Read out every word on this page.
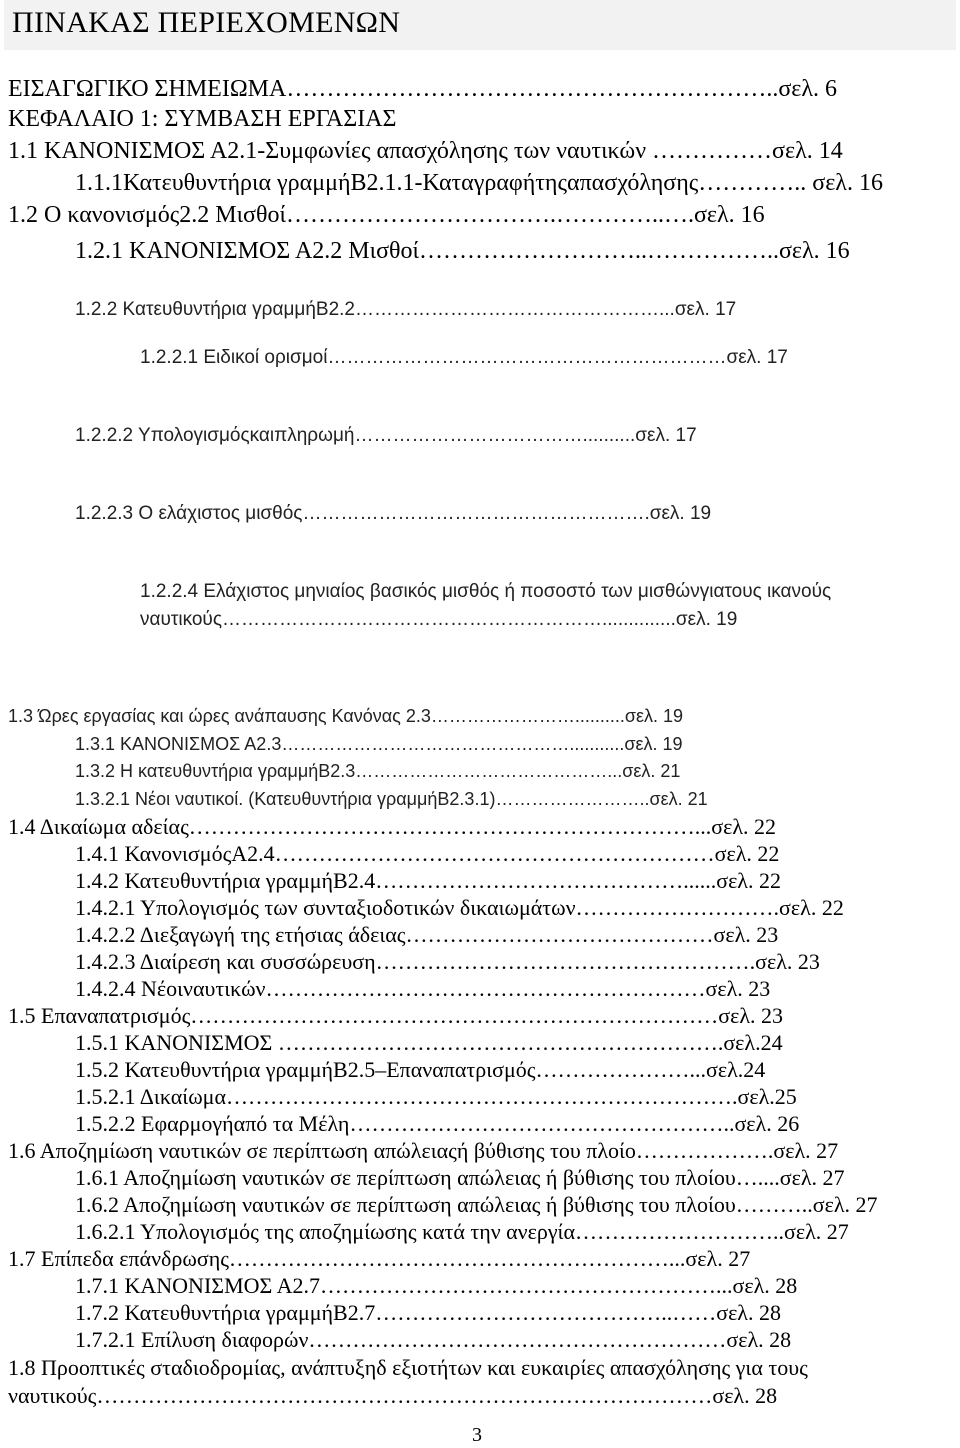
ΠΙΝΑΚΑΣ ΠΕΡΙΕΧΟΜΕΝΩΝ
ΕΙΣΑΓΩΓΙΚΟ ΣΗΜΕΙΩΜΑ……………………………………………………..σελ. 6
ΚΕΦΑΛΑΙΟ 1: ΣΥΜΒΑΣΗ ΕΡΓΑΣΙΑΣ
1.1 ΚΑΝΟΝΙΣΜΟΣ Α2.1-Συμφωνίες απασχόλησης των ναυτικών ……………σελ. 14
1.1.1Κατευθυντήρια γραμμήΒ2.1.1-Καταγραφήτηςαπασχόλησης………….. σελ. 16
1.2 Ο κανονισμός2.2 Μισθοί…………………………….…………..….σελ. 16
1.2.1 ΚΑΝΟΝΙΣΜΟΣ Α2.2 Μισθοί………………………..……………..σελ. 16
1.2.2 Κατευθυντήρια γραμμήΒ2.2…………………………………………...σελ. 17
1.2.2.1 Ειδικοί ορισμοί………………………………………………………σελ. 17
1.2.2.2 Υπολογισμόςκαιπληρωμή………………………………..........σελ. 17
1.2.2.3 Ο ελάχιστος μισθός……………………………………………….σελ. 19
1.2.2.4 Ελάχιστος μηνιαίος βασικός μισθός ή ποσοστό των μισθώνγιατους ικανούς
ναυτικούς……………………………………………………..............σελ. 19
1.3 Ώρες εργασίας και ώρες ανάπαυσης Κανόνας 2.3……………………..........σελ. 19
1.3.1 ΚΑΝΟΝΙΣΜΟΣ Α2.3…………………………………………...........σελ. 19
1.3.2 Η κατευθυντήρια γραμμήΒ2.3……………………………………...σελ. 21
1.3.2.1 Νέοι ναυτικοί. (Κατευθυντήρια γραμμήΒ2.3.1)……………………..σελ. 21
1.4 Δικαίωμα αδείας……………………………………………………………...σελ. 22
1.4.1 ΚανονισμόςΑ2.4……………………………………………………σελ. 22
1.4.2 Κατευθυντήρια γραμμήΒ2.4……………………………………......σελ. 22
1.4.2.1 Υπολογισμός των συνταξιοδοτικών δικαιωμάτων……………………….σελ. 22
1.4.2.2 Διεξαγωγή της ετήσιας άδειας……………………………………σελ. 23
1.4.2.3 Διαίρεση και συσσώρευση…………………………………………….σελ. 23
1.4.2.4 Νέοιναυτικών……………………………………………………σελ. 23
1.5 Επαναπατρισμός………………………………………………………………σελ. 23
1.5.1 ΚΑΝΟΝΙΣΜΟΣ …………………………………………………….σελ.24
1.5.2 Κατευθυντήρια γραμμήΒ2.5–Επαναπατρισμός…………………...σελ.24
1.5.2.1 Δικαίωμα…………………………………………………………….σελ.25
1.5.2.2 Εφαρμογήαπό τα Μέλη……………………………………………..σελ. 26
1.6 Αποζημίωση ναυτικών σε περίπτωση απώλειαςή βύθισης του πλοίο……………….σελ. 27
1.6.1 Αποζημίωση ναυτικών σε περίπτωση απώλειας ή βύθισης του πλοίου…....σελ. 27
1.6.2 Αποζημίωση ναυτικών σε περίπτωση απώλειας ή βύθισης του πλοίου………..σελ. 27
1.6.2.1 Υπολογισμός της αποζημίωσης κατά την ανεργία………………………..σελ. 27
1.7 Επίπεδα επάνδρωσης……………………………………………………...σελ. 27
1.7.1 ΚΑΝΟΝΙΣΜΟΣ Α2.7………………………………………………...σελ. 28
1.7.2 Κατευθυντήρια γραμμήΒ2.7…………………………………..……σελ. 28
1.7.2.1 Επίλυση διαφορών…………………………………………………σελ. 28
1.8 Προοπτικές σταδιοδρομίας, ανάπτυξηδ εξιοτήτων και ευκαιρίες απασχόλησης για τους
ναυτικούς…………………………………………………………………………σελ. 28
3
